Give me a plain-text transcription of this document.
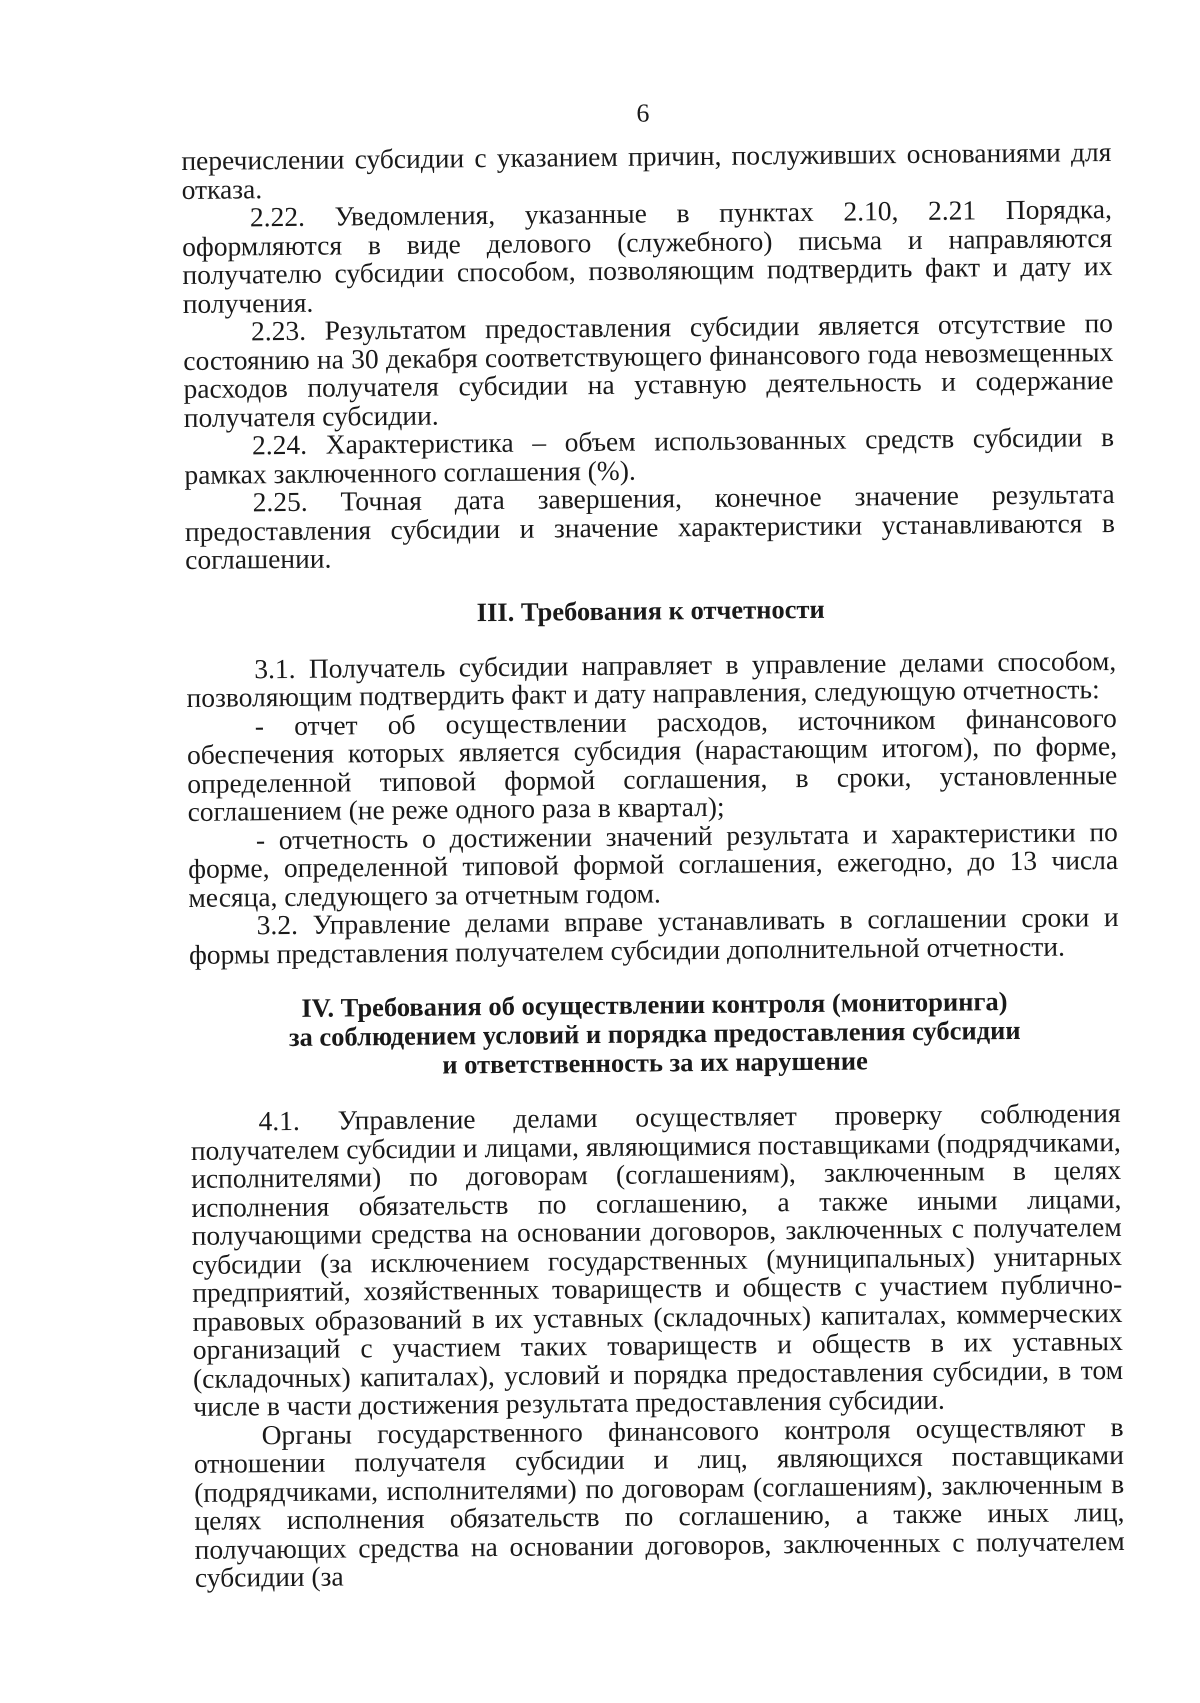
6

перечислении субсидии с указанием причин, послуживших основаниями для отказа.

2.22. Уведомления, указанные в пунктах 2.10, 2.21 Порядка, оформляются в виде делового (служебного) письма и направляются получателю субсидии способом, позволяющим подтвердить факт и дату их получения.

2.23. Результатом предоставления субсидии является отсутствие по состоянию на 30 декабря соответствующего финансового года невозмещенных расходов получателя субсидии на уставную деятельность и содержание получателя субсидии.

2.24. Характеристика – объем использованных средств субсидии в рамках заключенного соглашения (%).

2.25. Точная дата завершения, конечное значение результата предоставления субсидии и значение характеристики устанавливаются в соглашении.

III. Требования к отчетности

3.1. Получатель субсидии направляет в управление делами способом, позволяющим подтвердить факт и дату направления, следующую отчетность:

- отчет об осуществлении расходов, источником финансового обеспечения которых является субсидия (нарастающим итогом), по форме, определенной типовой формой соглашения, в сроки, установленные соглашением (не реже одного раза в квартал);

- отчетность о достижении значений результата и характеристики по форме, определенной типовой формой соглашения, ежегодно, до 13 числа месяца, следующего за отчетным годом.

3.2. Управление делами вправе устанавливать в соглашении сроки и формы представления получателем субсидии дополнительной отчетности.

IV. Требования об осуществлении контроля (мониторинга)
за соблюдением условий и порядка предоставления субсидии
и ответственность за их нарушение

4.1. Управление делами осуществляет проверку соблюдения получателем субсидии и лицами, являющимися поставщиками (подрядчиками, исполнителями) по договорам (соглашениям), заключенным в целях исполнения обязательств по соглашению, а также иными лицами, получающими средства на основании договоров, заключенных с получателем субсидии (за исключением государственных (муниципальных) унитарных предприятий, хозяйственных товариществ и обществ с участием публично-правовых образований в их уставных (складочных) капиталах, коммерческих организаций с участием таких товариществ и обществ в их уставных (складочных) капиталах), условий и порядка предоставления субсидии, в том числе в части достижения результата предоставления субсидии.

Органы государственного финансового контроля осуществляют в отношении получателя субсидии и лиц, являющихся поставщиками (подрядчиками, исполнителями) по договорам (соглашениям), заключенным в целях исполнения обязательств по соглашению, а также иных лиц, получающих средства на основании договоров, заключенных с получателем субсидии (за
